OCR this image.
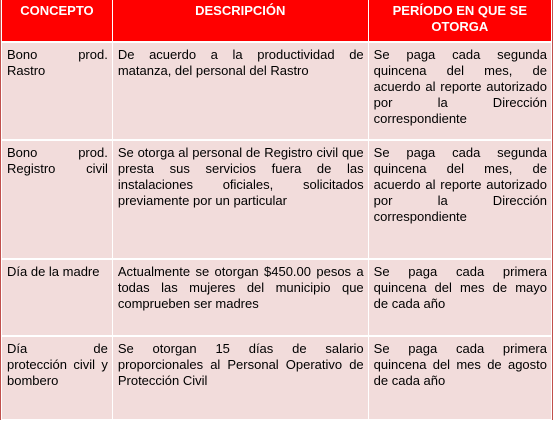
CONCEPTO	DESCRIPCIÓN	PERÍODO EN QUE SE OTORGA
Bono prod. Rastro	De acuerdo a la productividad de matanza, del personal del Rastro	Se paga cada segunda quincena del mes, de acuerdo al reporte autorizado por la Dirección correspondiente
Bono prod. Registro civil	Se otorga al personal de Registro civil que presta sus servicios fuera de las instalaciones oficiales, solicitados previamente por un particular	Se paga cada segunda quincena del mes, de acuerdo al reporte autorizado por la Dirección correspondiente
Día de la madre	Actualmente se otorgan $450.00 pesos a todas las mujeres del municipio que comprueben ser madres	Se paga cada primera quincena del mes de mayo de cada año
Día de protección civil y bombero	Se otorgan 15 días de salario proporcionales al Personal Operativo de Protección Civil	Se paga cada primera quincena del mes de agosto de cada año
